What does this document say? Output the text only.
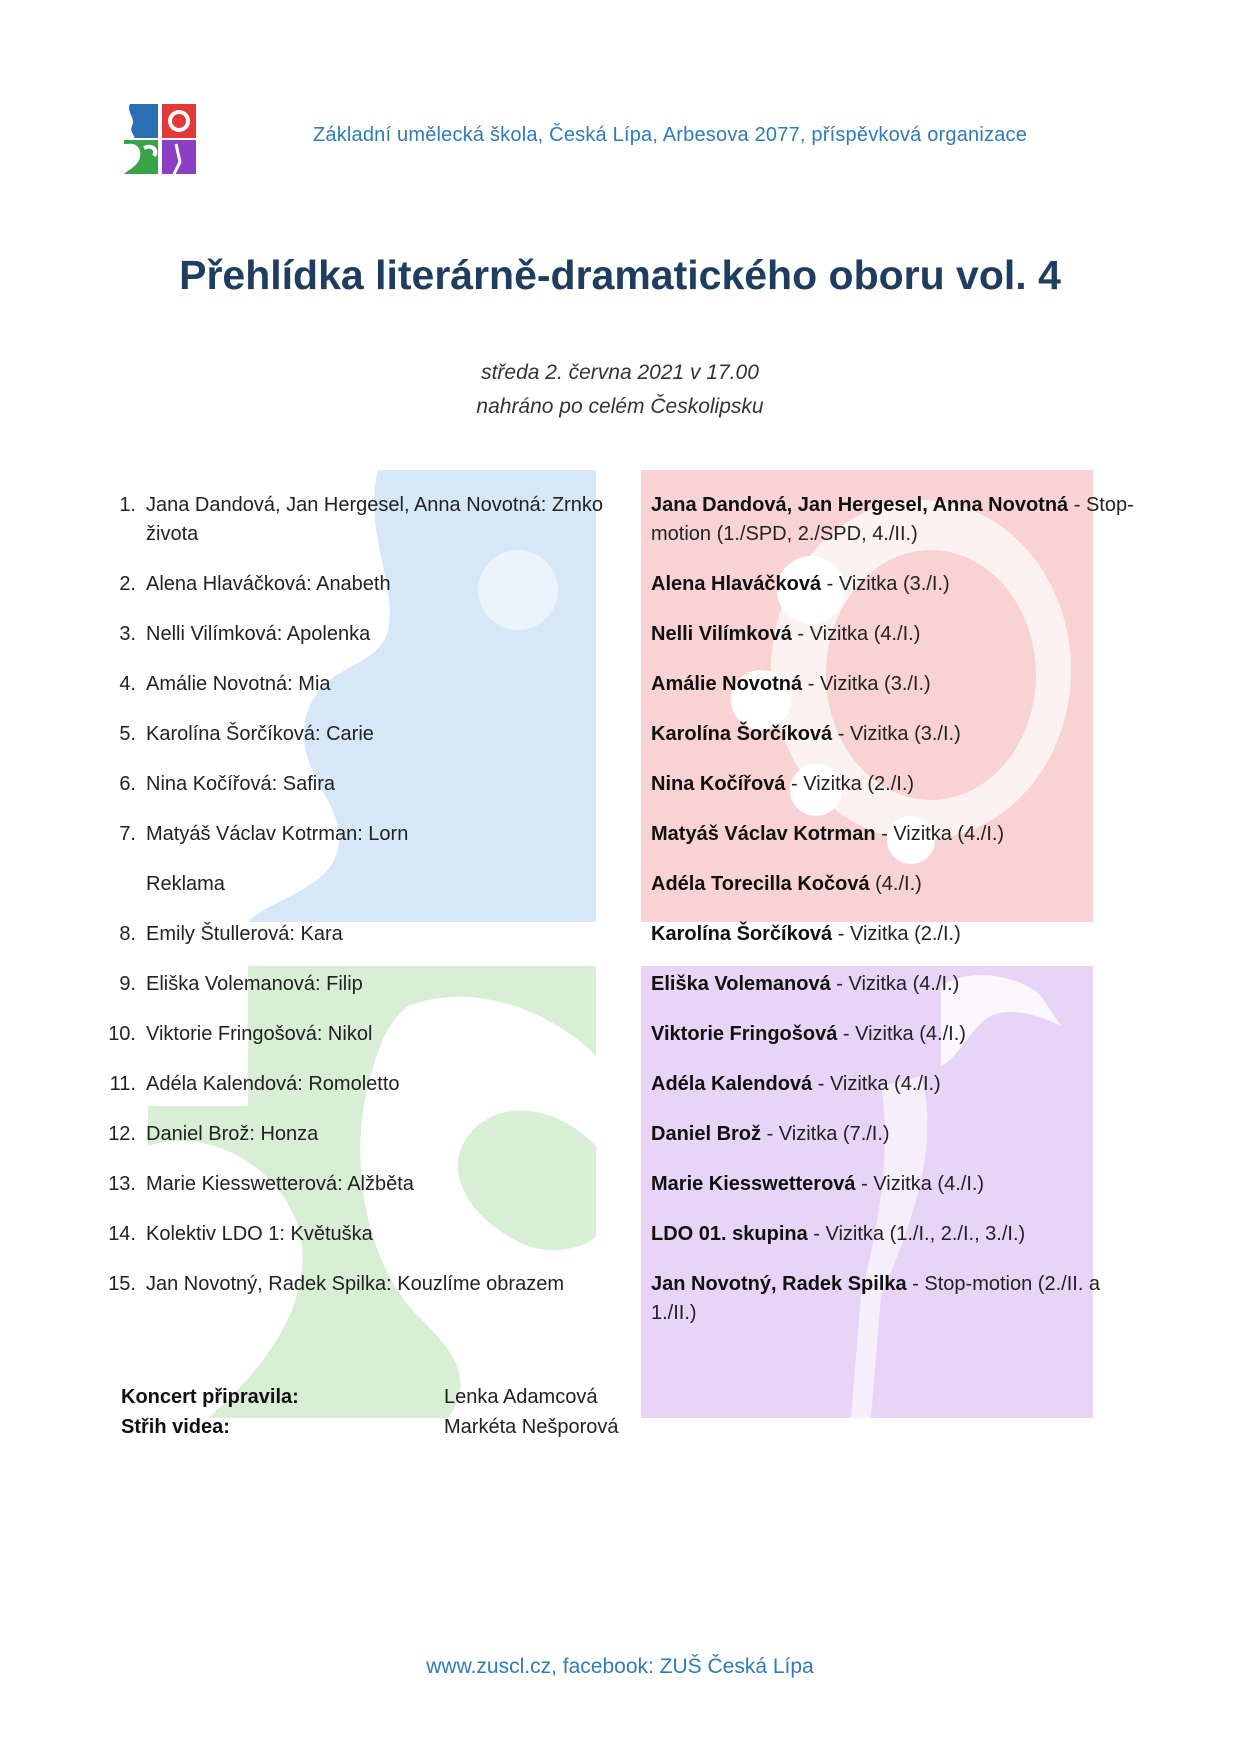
Základní umělecká škola, Česká Lípa, Arbesova 2077, příspěvková organizace
Přehlídka literárně-dramatického oboru vol. 4
středa 2. června 2021 v 17.00
nahráno po celém Českolipsku
1. Jana Dandová, Jan Hergesel, Anna Novotná: Zrnko života
2. Alena Hlaváčková: Anabeth
3. Nelli Vilímková: Apolenka
4. Amálie Novotná: Mia
5. Karolína Šorčíková: Carie
6. Nina Kočířová: Safira
7. Matyáš Václav Kotrman: Lorn
Reklama
8. Emily Štullerová: Kara
9. Eliška Volemanová: Filip
10. Viktorie Fringošová: Nikol
11. Adéla Kalendová: Romoletto
12. Daniel Brož: Honza
13. Marie Kiesswetterová: Alžběta
14. Kolektiv LDO 1: Květuška
15. Jan Novotný, Radek Spilka: Kouzlíme obrazem
Jana Dandová, Jan Hergesel, Anna Novotná - Stop-motion (1./SPD, 2./SPD, 4./II.)
Alena Hlaváčková - Vizitka (3./I.)
Nelli Vilímková - Vizitka (4./I.)
Amálie Novotná - Vizitka (3./I.)
Karolína Šorčíková - Vizitka (3./I.)
Nina Kočířová - Vizitka (2./I.)
Matyáš Václav Kotrman - Vizitka (4./I.)
Adéla Torecilla Kočová (4./I.)
Karolína Šorčíková - Vizitka (2./I.)
Eliška Volemanová - Vizitka (4./I.)
Viktorie Fringošová - Vizitka (4./I.)
Adéla Kalendová - Vizitka (4./I.)
Daniel Brož - Vizitka (7./I.)
Marie Kiesswetterová - Vizitka (4./I.)
LDO 01. skupina - Vizitka (1./I., 2./I., 3./I.)
Jan Novotný, Radek Spilka - Stop-motion (2./II. a 1./II.)
Koncert připravila:	Lenka Adamcová
Střih videa:	Markéta Nešporová
www.zuscl.cz, facebook: ZUŠ Česká Lípa
